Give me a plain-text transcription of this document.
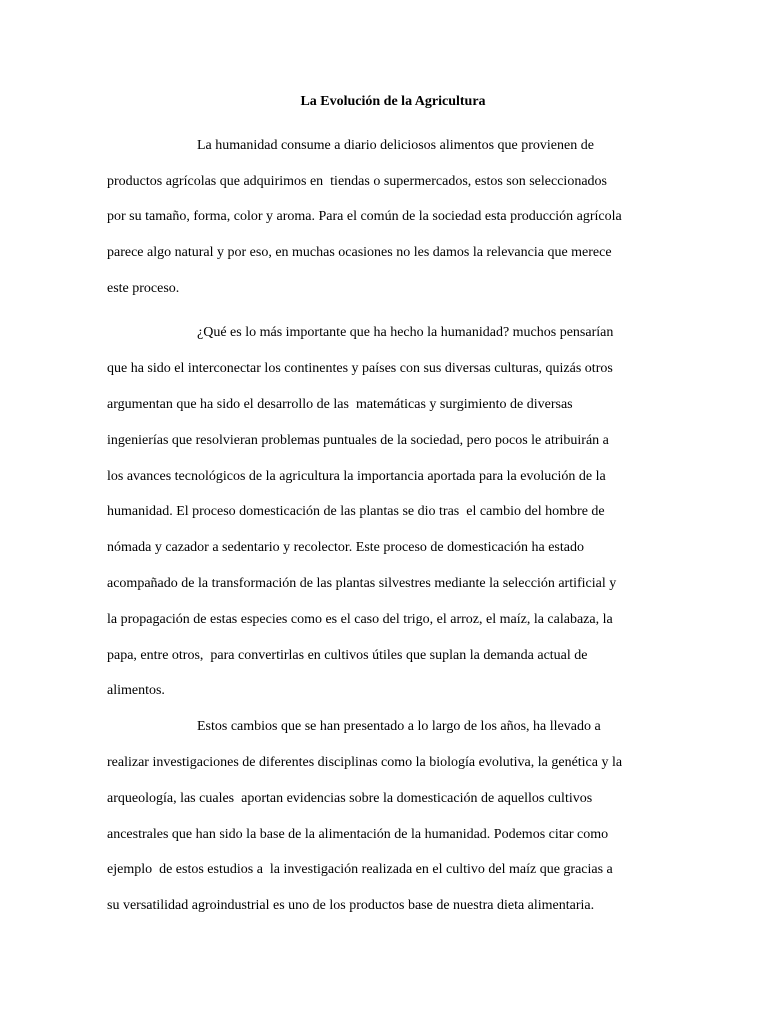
La Evolución de la Agricultura

La humanidad consume a diario deliciosos alimentos que provienen de

productos agrícolas que adquirimos en  tiendas o supermercados, estos son seleccionados

por su tamaño, forma, color y aroma. Para el común de la sociedad esta producción agrícola

parece algo natural y por eso, en muchas ocasiones no les damos la relevancia que merece

este proceso.

¿Qué es lo más importante que ha hecho la humanidad? muchos pensarían

que ha sido el interconectar los continentes y países con sus diversas culturas, quizás otros

argumentan que ha sido el desarrollo de las  matemáticas y surgimiento de diversas

ingenierías que resolvieran problemas puntuales de la sociedad, pero pocos le atribuirán a

los avances tecnológicos de la agricultura la importancia aportada para la evolución de la

humanidad. El proceso domesticación de las plantas se dio tras  el cambio del hombre de

nómada y cazador a sedentario y recolector. Este proceso de domesticación ha estado

acompañado de la transformación de las plantas silvestres mediante la selección artificial y

la propagación de estas especies como es el caso del trigo, el arroz, el maíz, la calabaza, la

papa, entre otros,  para convertirlas en cultivos útiles que suplan la demanda actual de

alimentos.

Estos cambios que se han presentado a lo largo de los años, ha llevado a

realizar investigaciones de diferentes disciplinas como la biología evolutiva, la genética y la

arqueología, las cuales  aportan evidencias sobre la domesticación de aquellos cultivos

ancestrales que han sido la base de la alimentación de la humanidad. Podemos citar como

ejemplo  de estos estudios a  la investigación realizada en el cultivo del maíz que gracias a

su versatilidad agroindustrial es uno de los productos base de nuestra dieta alimentaria.
